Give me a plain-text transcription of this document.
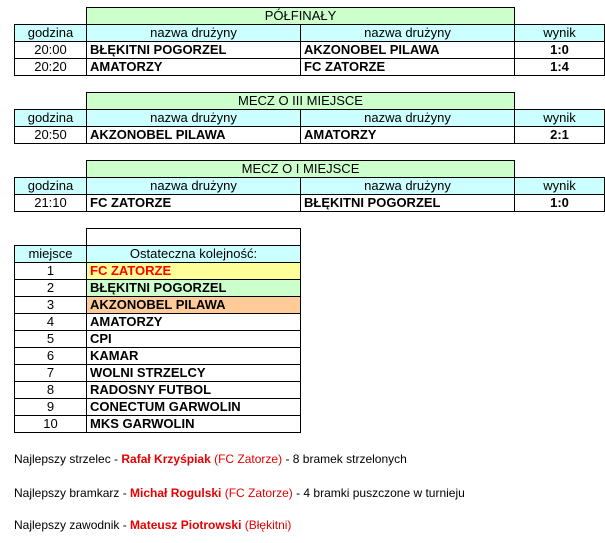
	PÓŁFINAŁY		
godzina	nazwa drużyny	nazwa drużyny	wynik
20:00	BŁĘKITNI POGORZEL	AKZONOBEL PILAWA	1:0
20:20	AMATORZY	FC ZATORZE	1:4
	MECZ O III MIEJSCE		
godzina	nazwa drużyny	nazwa drużyny	wynik
20:50	AKZONOBEL PILAWA	AMATORZY	2:1
	MECZ O I MIEJSCE		
godzina	nazwa drużyny	nazwa drużyny	wynik
21:10	FC ZATORZE	BŁĘKITNI POGORZEL	1:0

miejsce	Ostateczna kolejność:
1	FC ZATORZE
2	BŁĘKITNI POGORZEL
3	AKZONOBEL PILAWA
4	AMATORZY
5	CPI
6	KAMAR
7	WOLNI STRZELCY
8	RADOSNY FUTBOL
9	CONECTUM GARWOLIN
10	MKS GARWOLIN
Najlepszy strzelec - Rafał Krzyśpiak (FC Zatorze) - 8 bramek strzelonych
Najlepszy bramkarz - Michał Rogulski (FC Zatorze) - 4 bramki puszczone w turnieju
Najlepszy zawodnik - Mateusz Piotrowski (Błękitni)
